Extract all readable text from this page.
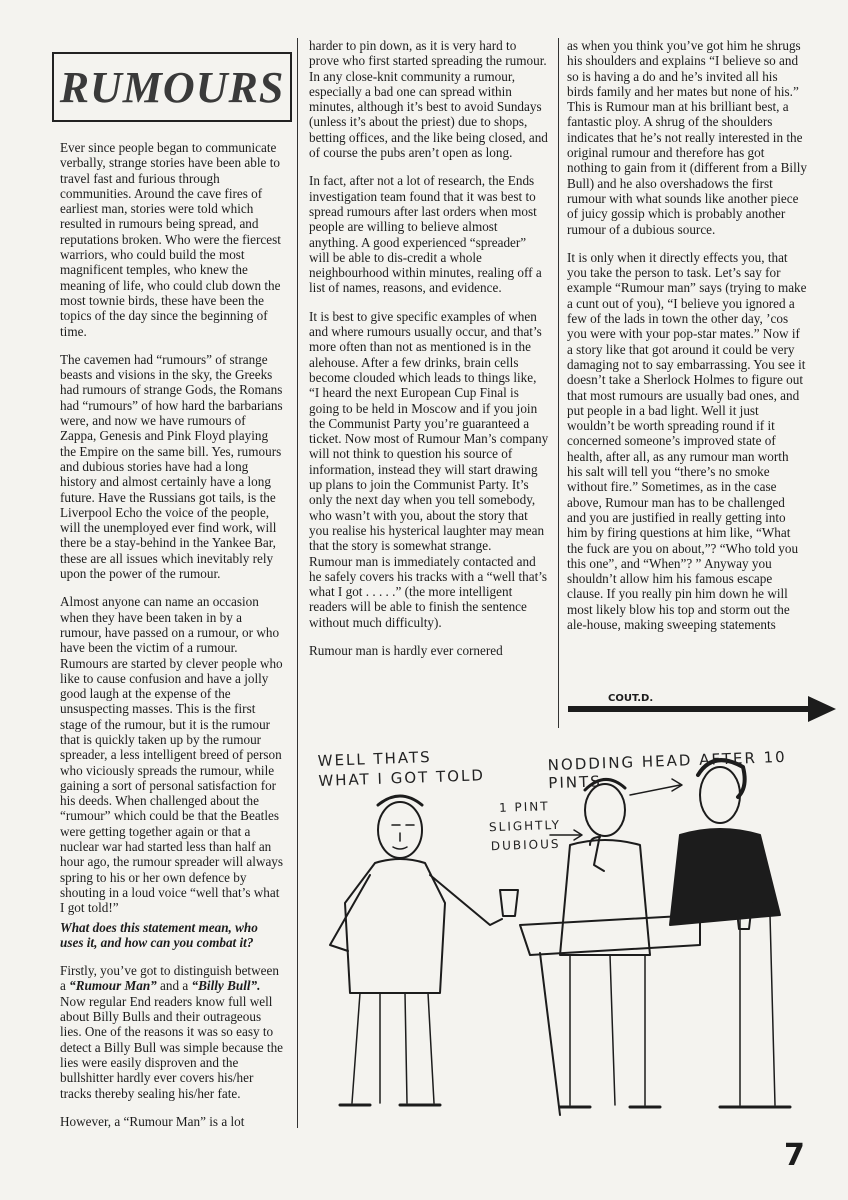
RUMOURS

Ever since people began to communicate verbally, strange stories have been able to travel fast and furious through communities. Around the cave fires of earliest man, stories were told which resulted in rumours being spread, and reputations broken. Who were the fiercest warriors, who could build the most magnificent temples, who knew the meaning of life, who could club down the most townie birds, these have been the topics of the day since the beginning of time.

The cavemen had “rumours” of strange beasts and visions in the sky, the Greeks had rumours of strange Gods, the Romans had “rumours” of how hard the barbarians were, and now we have rumours of Zappa, Genesis and Pink Floyd playing the Empire on the same bill. Yes, rumours and dubious stories have had a long history and almost certainly have a long future. Have the Russians got tails, is the Liverpool Echo the voice of the people, will the unemployed ever find work, will there be a stay-behind in the Yankee Bar, these are all issues which inevitably rely upon the power of the rumour.

Almost anyone can name an occasion when they have been taken in by a rumour, have passed on a rumour, or who have been the victim of a rumour. Rumours are started by clever people who like to cause confusion and have a jolly good laugh at the expense of the unsuspecting masses. This is the first stage of the rumour, but it is the rumour that is quickly taken up by the rumour spreader, a less intelligent breed of person who viciously spreads the rumour, while gaining a sort of personal satisfaction for his deeds. When challenged about the “rumour” which could be that the Beatles were getting together again or that a nuclear war had started less than half an hour ago, the rumour spreader will always spring to his or her own defence by shouting in a loud voice “well that’s what I got told!”

What does this statement mean, who uses it, and how can you combat it?

Firstly, you’ve got to distinguish between a “Rumour Man” and a “Billy Bull”. Now regular End readers know full well about Billy Bulls and their outrageous lies. One of the reasons it was so easy to detect a Billy Bull was simple because the lies were easily disproven and the bullshitter hardly ever covers his/her tracks thereby sealing his/her fate.

However, a “Rumour Man” is a lot

harder to pin down, as it is very hard to prove who first started spreading the rumour. In any close-knit community a rumour, especially a bad one can spread within minutes, although it’s best to avoid Sundays (unless it’s about the priest) due to shops, betting offices, and the like being closed, and of course the pubs aren’t open as long.

In fact, after not a lot of research, the Ends investigation team found that it was best to spread rumours after last orders when most people are willing to believe almost anything. A good experienced “spreader” will be able to dis-credit a whole neighbourhood within minutes, realing off a list of names, reasons, and evidence.

It is best to give specific examples of when and where rumours usually occur, and that’s more often than not as mentioned is in the alehouse. After a few drinks, brain cells become clouded which leads to things like, “I heard the next European Cup Final is going to be held in Moscow and if you join the Communist Party you’re guaranteed a ticket. Now most of Rumour Man’s company will not think to question his source of information, instead they will start drawing up plans to join the Communist Party. It’s only the next day when you tell somebody, who wasn’t with you, about the story that you realise his hysterical laughter may mean that the story is somewhat strange.

Rumour man is immediately contacted and he safely covers his tracks with a “well that’s what I got . . . . .” (the more intelligent readers will be able to finish the sentence without much difficulty).

Rumour man is hardly ever cornered

as when you think you’ve got him he shrugs his shoulders and explains “I believe so and so is having a do and he’s invited all his birds family and her mates but none of his.” This is Rumour man at his brilliant best, a fantastic ploy. A shrug of the shoulders indicates that he’s not really interested in the original rumour and therefore has got nothing to gain from it (different from a Billy Bull) and he also overshadows the first rumour with what sounds like another piece of juicy gossip which is probably another rumour of a dubious source.

It is only when it directly effects you, that you take the person to task. Let’s say for example “Rumour man” says (trying to make a cunt out of you), “I believe you ignored a few of the lads in town the other day, ’cos you were with your pop-star mates.” Now if a story like that got around it could be very damaging not to say embarrassing. You see it doesn’t take a Sherlock Holmes to figure out that most rumours are usually bad ones, and put people in a bad light. Well it just wouldn’t be worth spreading round if it concerned someone’s improved state of health, after all, as any rumour man worth his salt will tell you “there’s no smoke without fire.” Sometimes, as in the case above, Rumour man has to be challenged and you are justified in really getting into him by firing questions at him like, “What the fuck are you on about,”? “Who told you this one”, and “When”? ” Anyway you shouldn’t allow him his famous escape clause. If you really pin him down he will most likely blow his top and storm out the ale-house, making sweeping statements

COUT.D.
WELL THATS WHAT I GOT TOLD
NODDING HEAD AFTER 10 PINTS
1 PINT SLIGHTLY DUBIOUS
7
